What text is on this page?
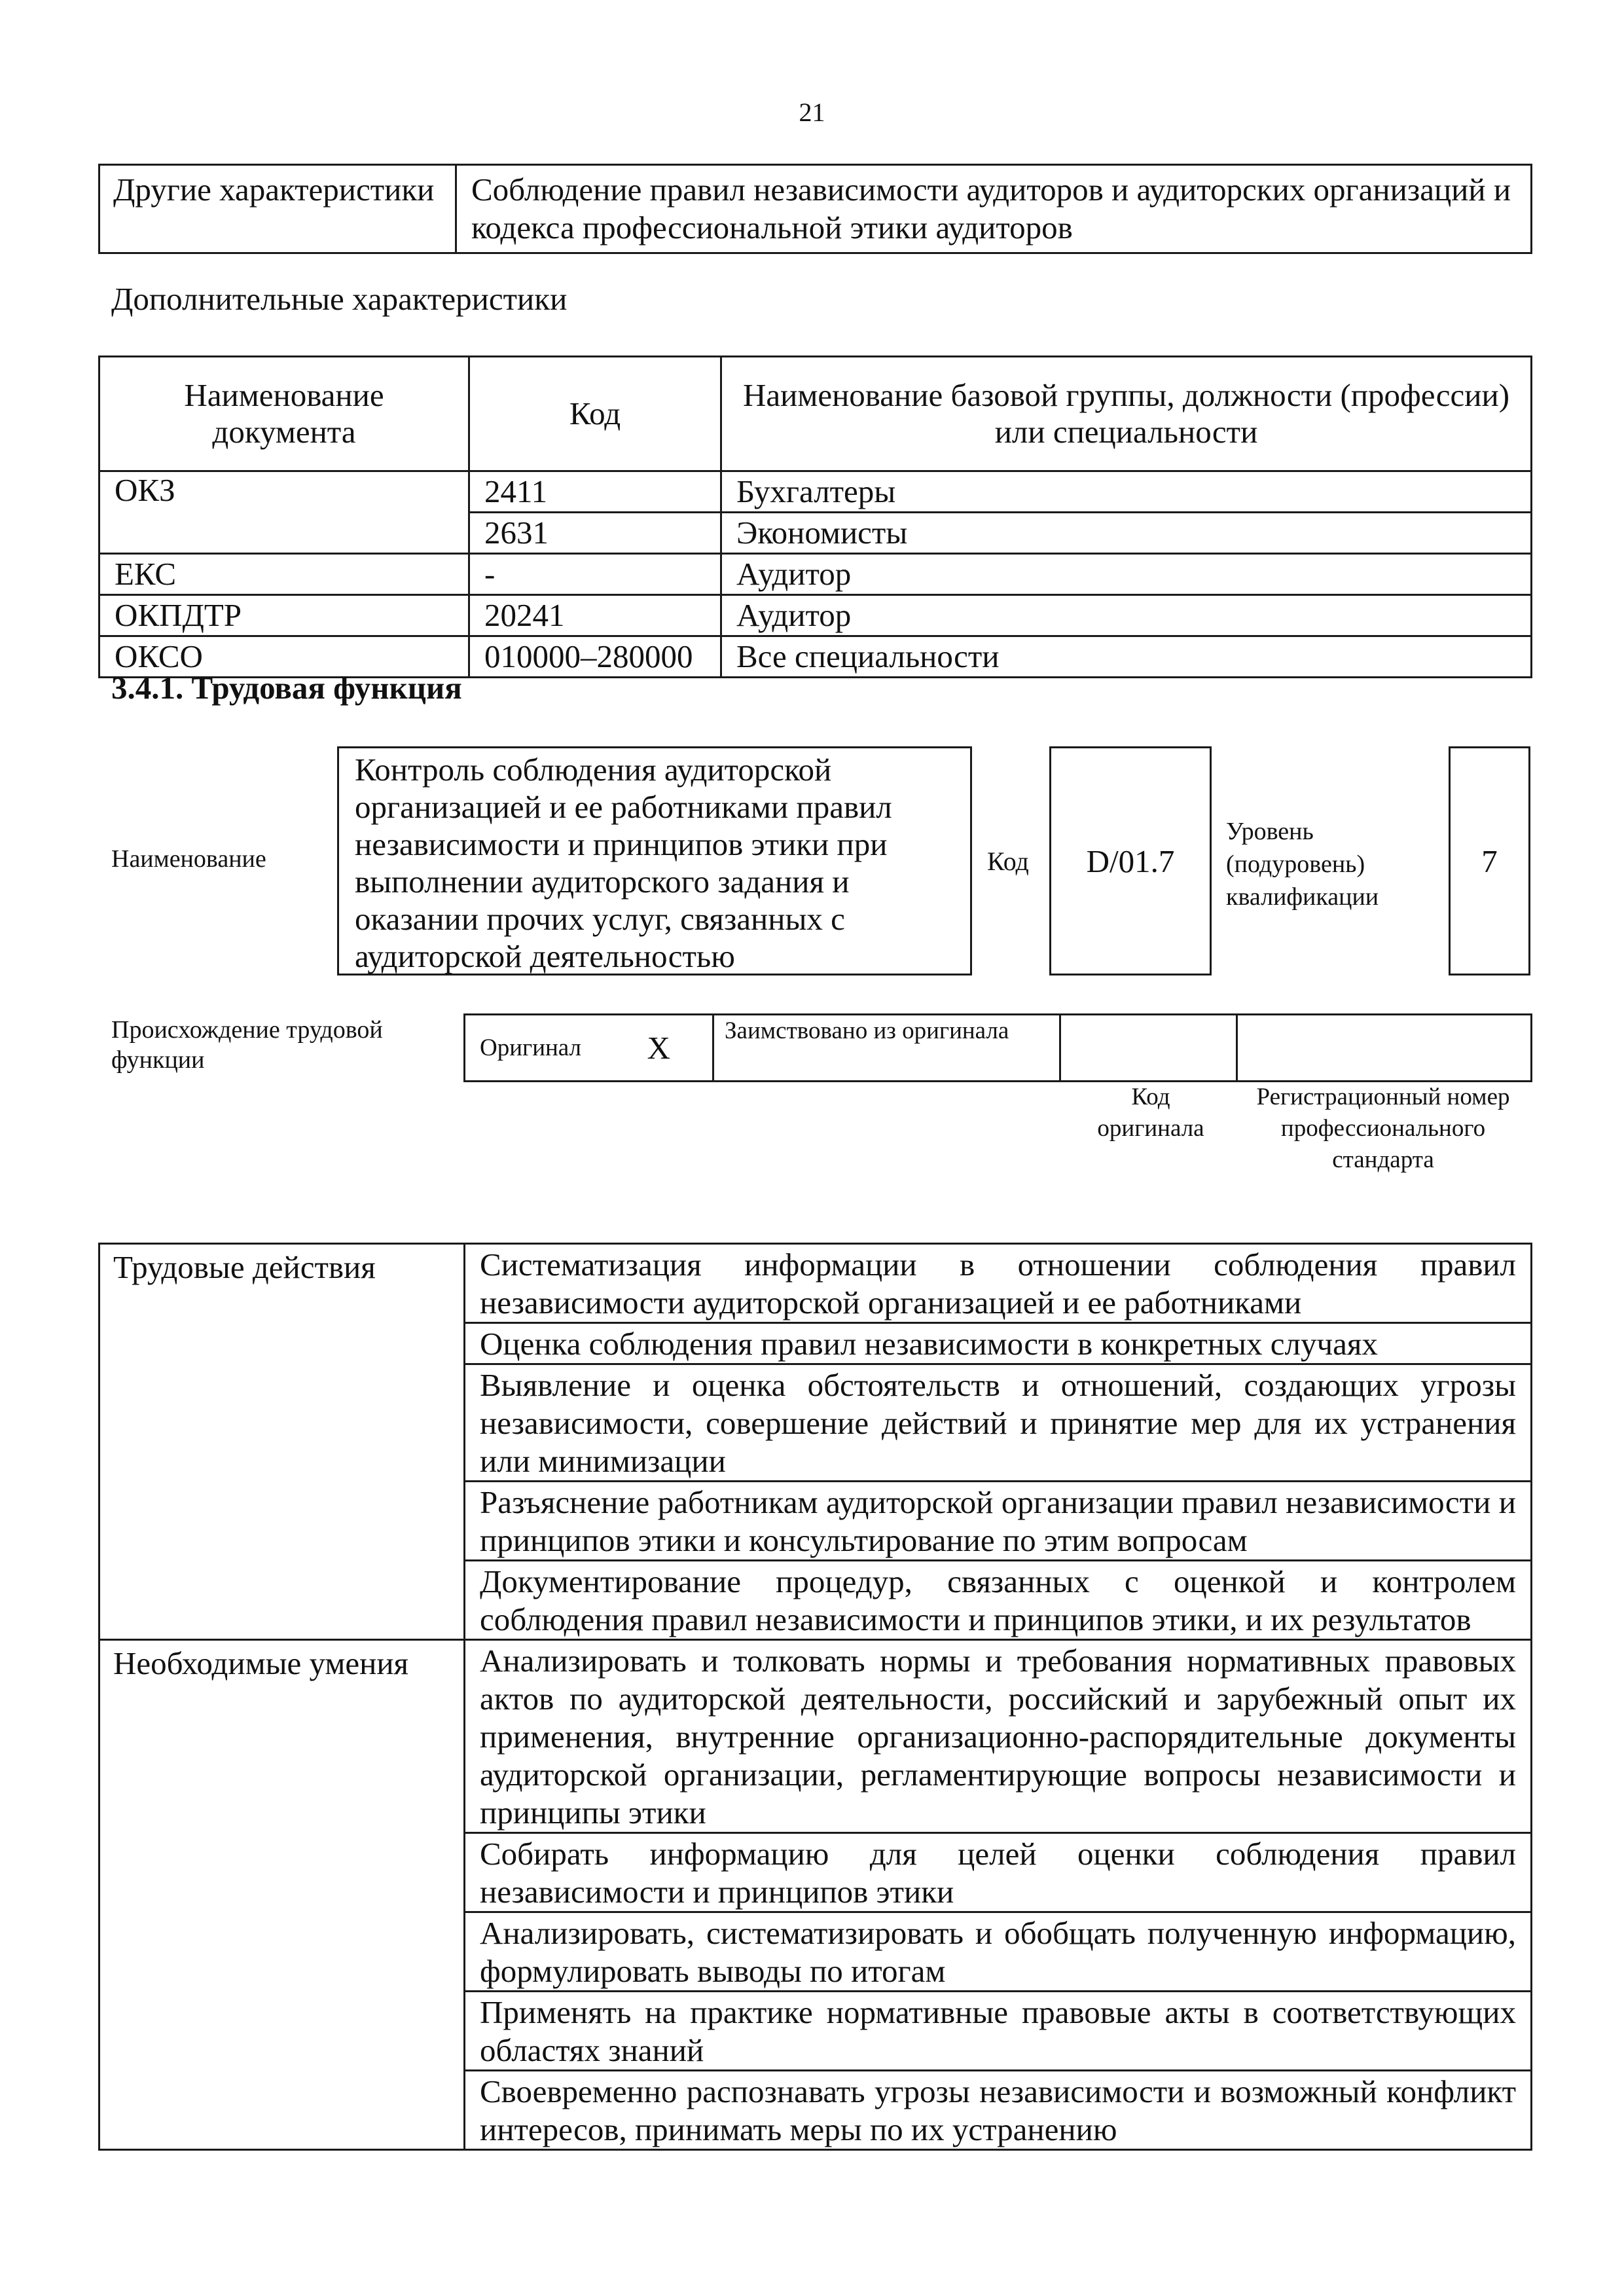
21
Другие характеристики	Соблюдение правил независимости аудиторов и аудиторских организаций и кодекса профессиональной этики аудиторов
Дополнительные характеристики
Наименование документа	Код	Наименование базовой группы, должности (профессии) или специальности
ОКЗ	2411	Бухгалтеры
	2631	Экономисты
ЕКС	-	Аудитор
ОКПДТР	20241	Аудитор
ОКСО	010000–280000	Все специальности
3.4.1. Трудовая функция
Наименование
Контроль соблюдения аудиторской организацией и ее работниками правил независимости и принципов этики при выполнении аудиторского задания и оказании прочих услуг, связанных с аудиторской деятельностью
Код D/01.7
Уровень (подуровень) квалификации
7
Происхождение трудовой функции	Оригинал	X	Заимствовано из оригинала		
Код оригинала
Регистрационный номер профессионального стандарта
Трудовые действия	Систематизация информации в отношении соблюдения правил независимости аудиторской организацией и ее работниками
	Оценка соблюдения правил независимости в конкретных случаях
	Выявление и оценка обстоятельств и отношений, создающих угрозы независимости, совершение действий и принятие мер для их устранения или минимизации
	Разъяснение работникам аудиторской организации правил независимости и принципов этики и консультирование по этим вопросам
	Документирование процедур, связанных с оценкой и контролем соблюдения правил независимости и принципов этики, и их результатов
Необходимые умения	Анализировать и толковать нормы и требования нормативных правовых актов по аудиторской деятельности, российский и зарубежный опыт их применения, внутренние организационно-распорядительные документы аудиторской организации, регламентирующие вопросы независимости и принципы этики
	Собирать информацию для целей оценки соблюдения правил независимости и принципов этики
	Анализировать, систематизировать и обобщать полученную информацию, формулировать выводы по итогам
	Применять на практике нормативные правовые акты в соответствующих областях знаний
	Своевременно распознавать угрозы независимости и возможный конфликт интересов, принимать меры по их устранению
